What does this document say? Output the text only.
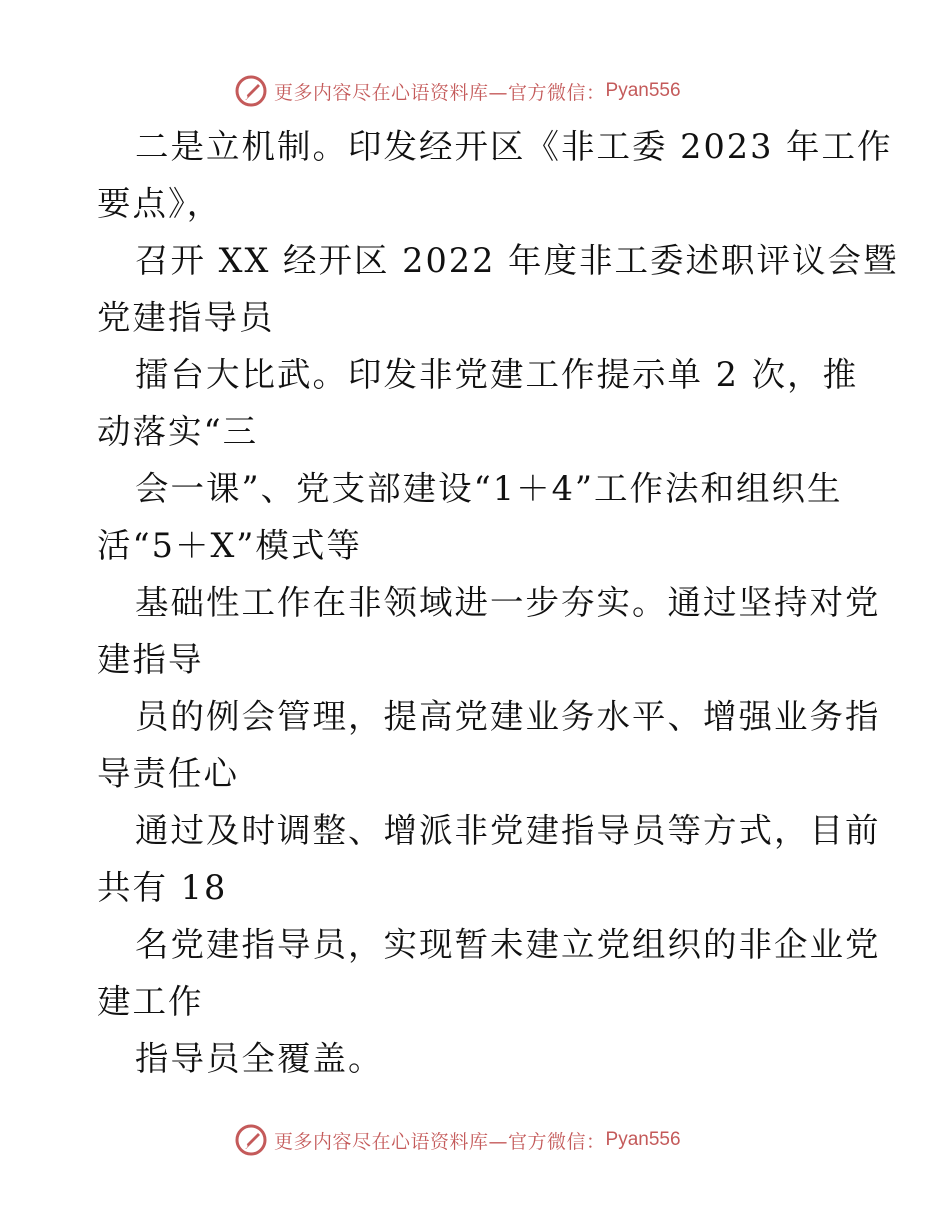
更多内容尽在心语资料库—官方微信： Pyan556

二是立机制。印发经开区《非工委 2023 年工作

要点》，

召开 XX 经开区 2022 年度非工委述职评议会暨

党建指导员

擂台大比武。印发非党建工作提示单 2 次，推

动落实“三

会一课”、党支部建设“1＋4”工作法和组织生

活“5＋X”模式等

基础性工作在非领域进一步夯实。通过坚持对党

建指导

员的例会管理，提高党建业务水平、增强业务指

导责任心

通过及时调整、增派非党建指导员等方式，目前

共有 18

名党建指导员，实现暂未建立党组织的非企业党

建工作

指导员全覆盖。

更多内容尽在心语资料库—官方微信： Pyan556
